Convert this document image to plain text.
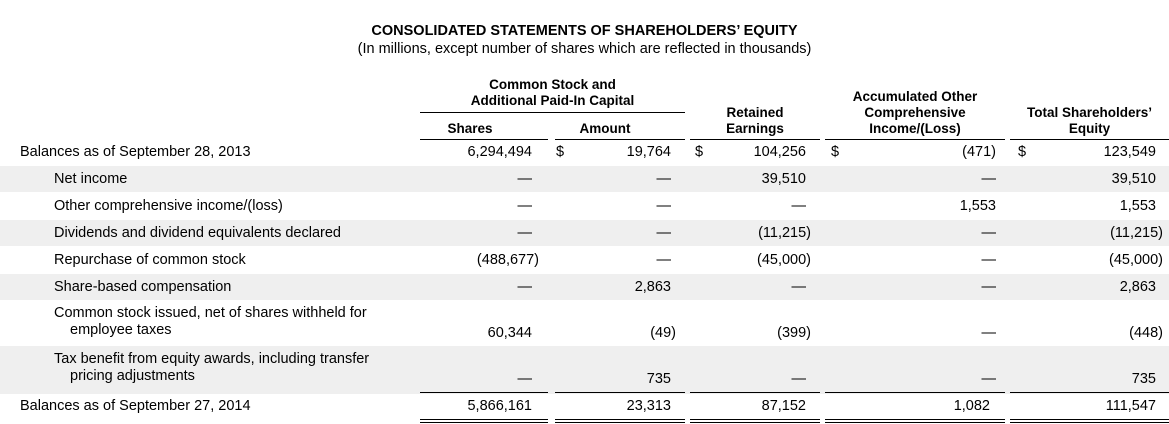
CONSOLIDATED STATEMENTS OF SHAREHOLDERS’ EQUITY
(In millions, except number of shares which are reflected in thousands)
Common Stock and
Additional Paid-In Capital
Shares	Amount
Retained
Earnings
Accumulated Other
Comprehensive
Income/(Loss)
Total Shareholders’
Equity
Balances as of September 28, 2013	6,294,494 $	19,764 $	104,256 $	(471) $	123,549
Net income	—	—	39,510	—	39,510
Other comprehensive income/(loss)	—	—	—	1,553	1,553
Dividends and dividend equivalents declared	—	—	(11,215)	—	(11,215)
Repurchase of common stock	(488,677)	—	(45,000)	—	(45,000)
Share-based compensation	—	2,863	—	—	2,863
Common stock issued, net of shares withheld for
employee taxes	60,344	(49)	(399)	—	(448)
Tax benefit from equity awards, including transfer
pricing adjustments	—	735	—	—	735
Balances as of September 27, 2014	5,866,161	23,313	87,152	1,082	111,547
